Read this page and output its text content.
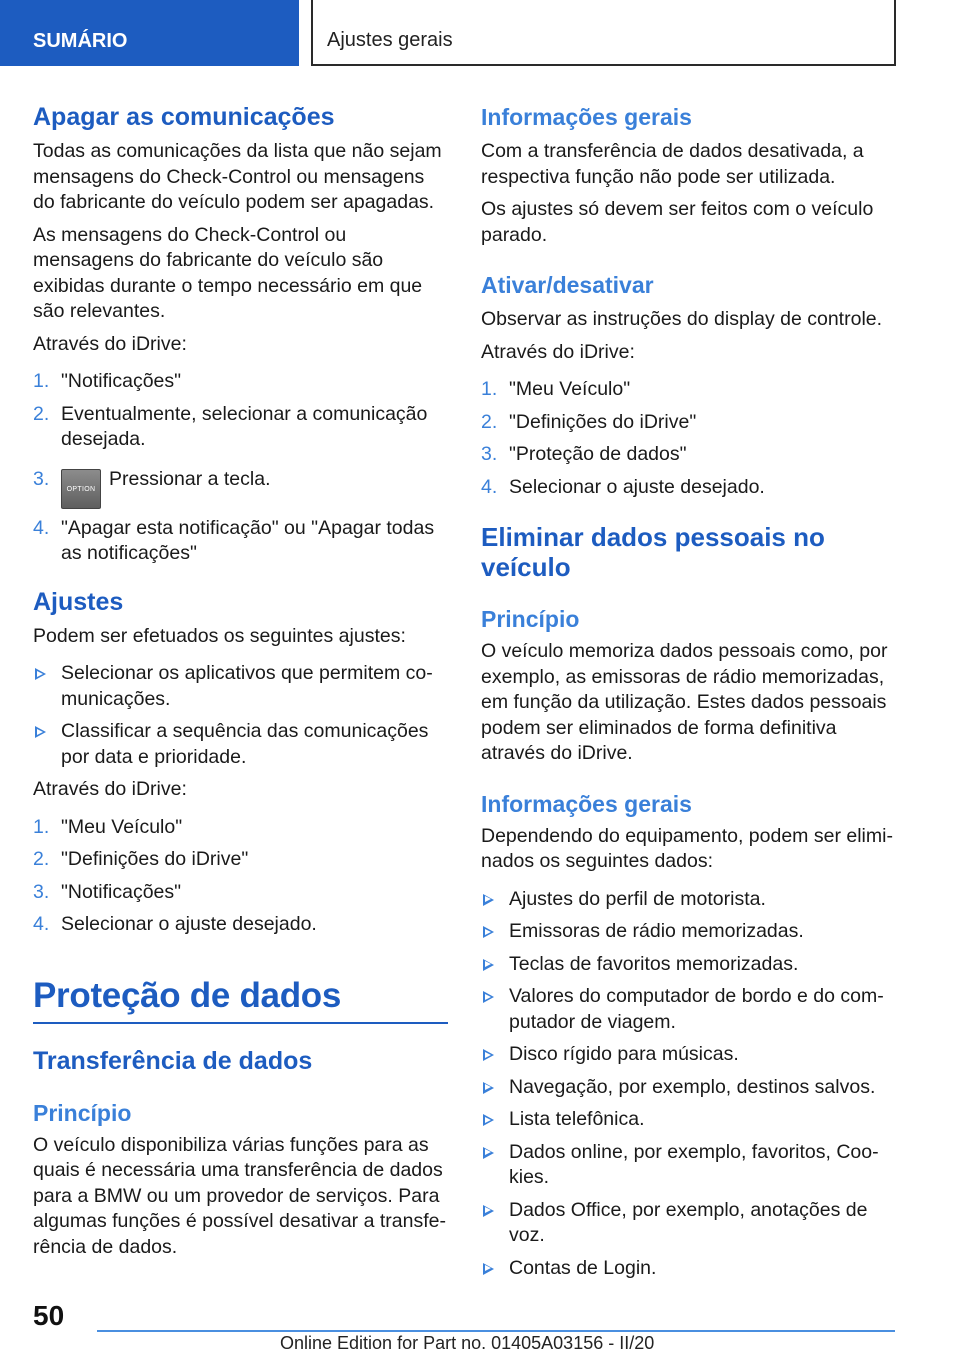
SUMÁRIO	Ajustes gerais
Apagar as comunicações

Todas as comunicações da lista que não sejam mensagens do Check-Control ou mensagens do fabricante do veículo podem ser apagadas.

As mensagens do Check-Control ou mensagens do fabricante do veículo são exibidas durante o tempo necessário em que são relevantes.

Através do iDrive:

1. "Notificações"
2. Eventualmente, selecionar a comunicação desejada.
3. OPTION Pressionar a tecla.
4. "Apagar esta notificação" ou "Apagar todas as notificações"
Ajustes

Podem ser efetuados os seguintes ajustes:

Selecionar os aplicativos que permitem comunicações.
Classificar a sequência das comunicações por data e prioridade.

Através do iDrive:

1. "Meu Veículo"
2. "Definições do iDrive"
3. "Notificações"
4. Selecionar o ajuste desejado.
Proteção de dados
Transferência de dados
Princípio

O veículo disponibiliza várias funções para as quais é necessária uma transferência de dados para a BMW ou um provedor de serviços. Para algumas funções é possível desativar a transferência de dados.

Informações gerais

Com a transferência de dados desativada, a respectiva função não pode ser utilizada.

Os ajustes só devem ser feitos com o veículo parado.

Ativar/desativar

Observar as instruções do display de controle.

Através do iDrive:

1. "Meu Veículo"
2. "Definições do iDrive"
3. "Proteção de dados"
4. Selecionar o ajuste desejado.
Eliminar dados pessoais no veículo
Princípio

O veículo memoriza dados pessoais como, por exemplo, as emissoras de rádio memorizadas, em função da utilização. Estes dados pessoais podem ser eliminados de forma definitiva através do iDrive.

Informações gerais

Dependendo do equipamento, podem ser eliminados os seguintes dados:

Ajustes do perfil de motorista.
Emissoras de rádio memorizadas.
Teclas de favoritos memorizadas.
Valores do computador de bordo e do computador de viagem.
Disco rígido para músicas.
Navegação, por exemplo, destinos salvos.
Lista telefônica.
Dados online, por exemplo, favoritos, Cookies.
Dados Office, por exemplo, anotações de voz.
Contas de Login.
50
Online Edition for Part no. 01405A03156 - II/20
